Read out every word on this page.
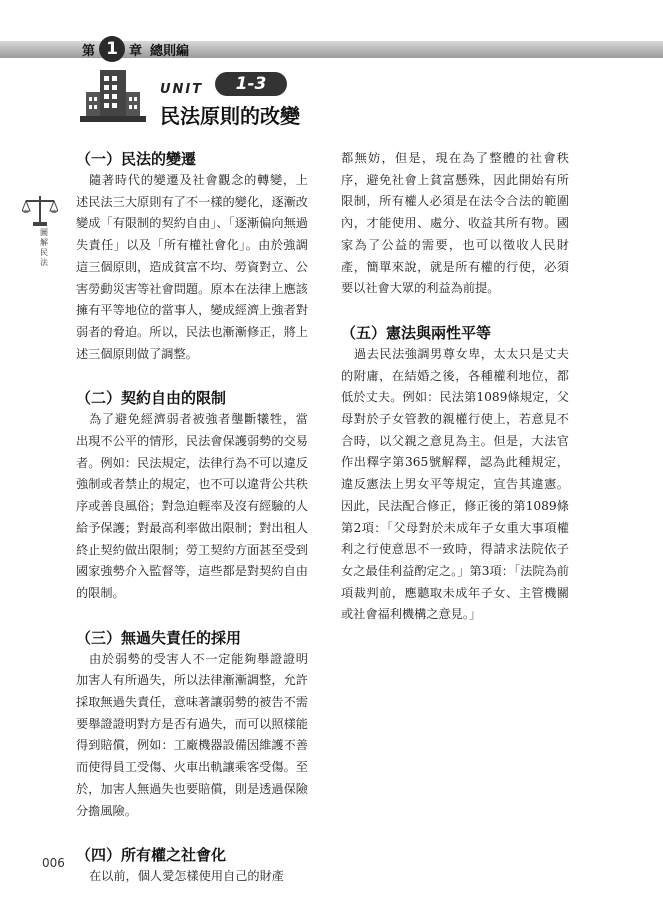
第 1 章 總則編
UNIT	1-3
民法原則的改變
圖解民法
（一）民法的變遷

隨著時代的變遷及社會觀念的轉變，上述民法三大原則有了不一樣的變化，逐漸改變成「有限制的契約自由」、「逐漸偏向無過失責任」以及「所有權社會化」。由於強調這三個原則，造成貧富不均、勞資對立、公害勞動災害等社會問題。原本在法律上應該擁有平等地位的當事人，變成經濟上強者對弱者的脅迫。所以，民法也漸漸修正，將上述三個原則做了調整。

（二）契約自由的限制

為了避免經濟弱者被強者壟斷犧牲，當出現不公平的情形，民法會保護弱勢的交易者。例如：民法規定，法律行為不可以違反強制或者禁止的規定，也不可以違背公共秩序或善良風俗；對急迫輕率及沒有經驗的人給予保護；對最高利率做出限制；對出租人終止契約做出限制；勞工契約方面甚至受到國家強勢介入監督等，這些都是對契約自由的限制。

（三）無過失責任的採用

由於弱勢的受害人不一定能夠舉證證明加害人有所過失，所以法律漸漸調整，允許採取無過失責任，意味著讓弱勢的被告不需要舉證證明對方是否有過失，而可以照樣能得到賠償，例如：工廠機器設備因維護不善而使得員工受傷、火車出軌讓乘客受傷。至於，加害人無過失也要賠償，則是透過保險分擔風險。

（四）所有權之社會化

在以前，個人愛怎樣使用自己的財產

都無妨，但是，現在為了整體的社會秩序，避免社會上貧富懸殊，因此開始有所限制，所有權人必須是在法令合法的範圍內，才能使用、處分、收益其所有物。國家為了公益的需要，也可以徵收人民財產，簡單來說，就是所有權的行使，必須要以社會大眾的利益為前提。

（五）憲法與兩性平等

過去民法強調男尊女卑，太太只是丈夫的附庸，在結婚之後，各種權利地位，都低於丈夫。例如：民法第1089條規定，父母對於子女管教的親權行使上，若意見不合時，以父親之意見為主。但是，大法官作出釋字第365號解釋，認為此種規定，違反憲法上男女平等規定，宣告其違憲。因此，民法配合修正，修正後的第1089條第2項：「父母對於未成年子女重大事項權利之行使意思不一致時，得請求法院依子女之最佳利益酌定之。」第3項：「法院為前項裁判前，應聽取未成年子女、主管機關或社會福利機構之意見。」

006
